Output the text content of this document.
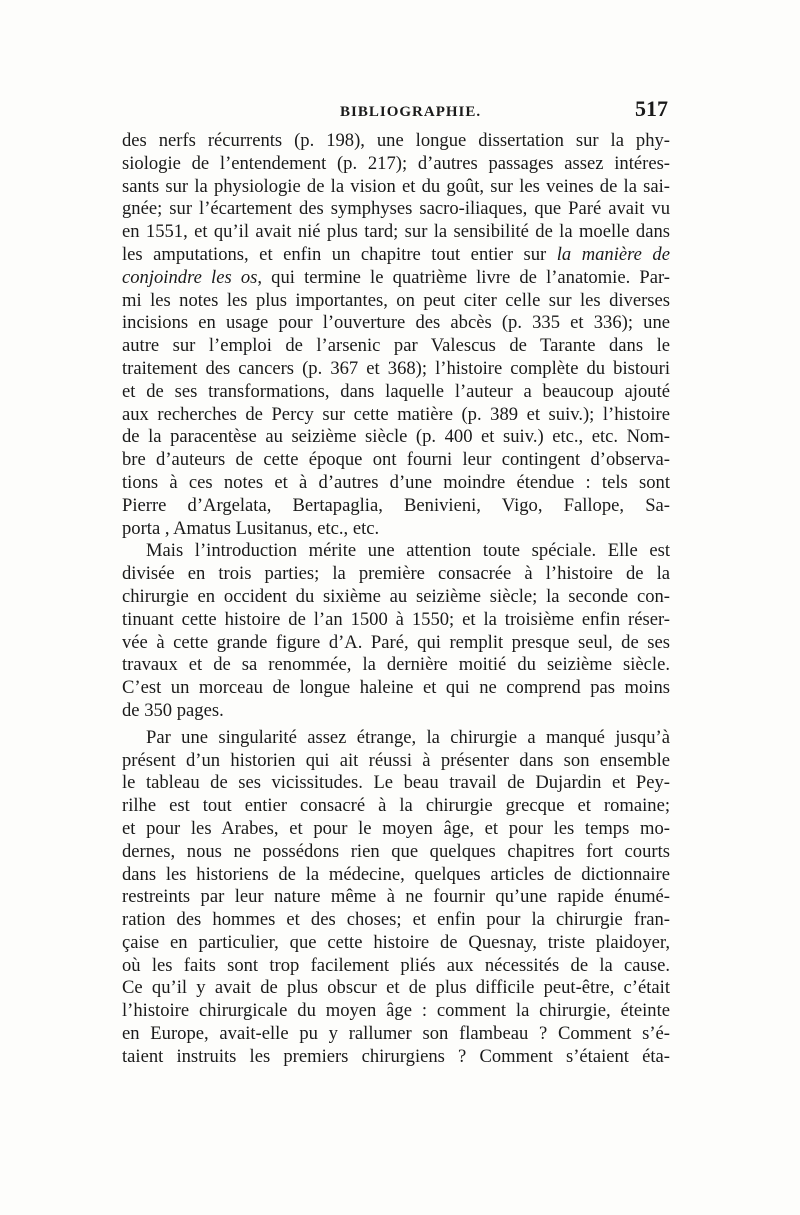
BIBLIOGRAPHIE.	517
des nerfs récurrents (p. 198), une longue dissertation sur la phy-
siologie de l’entendement (p. 217); d’autres passages assez intéres-
sants sur la physiologie de la vision et du goût, sur les veines de la sai-
gnée; sur l’écartement des symphyses sacro-iliaques, que Paré avait vu
en 1551, et qu’il avait nié plus tard; sur la sensibilité de la moelle dans
les amputations, et enfin un chapitre tout entier sur la manière de
conjoindre les os, qui termine le quatrième livre de l’anatomie. Par-
mi les notes les plus importantes, on peut citer celle sur les diverses
incisions en usage pour l’ouverture des abcès (p. 335 et 336); une
autre sur l’emploi de l’arsenic par Valescus de Tarante dans le
traitement des cancers (p. 367 et 368); l’histoire complète du bistouri
et de ses transformations, dans laquelle l’auteur a beaucoup ajouté
aux recherches de Percy sur cette matière (p. 389 et suiv.); l’histoire
de la paracentèse au seizième siècle (p. 400 et suiv.) etc., etc. Nom-
bre d’auteurs de cette époque ont fourni leur contingent d’observa-
tions à ces notes et à d’autres d’une moindre étendue : tels sont
Pierre d’Argelata, Bertapaglia, Benivieni, Vigo, Fallope, Sa-
porta , Amatus Lusitanus, etc., etc.
Mais l’introduction mérite une attention toute spéciale. Elle est
divisée en trois parties; la première consacrée à l’histoire de la
chirurgie en occident du sixième au seizième siècle; la seconde con-
tinuant cette histoire de l’an 1500 à 1550; et la troisième enfin réser-
vée à cette grande figure d’A. Paré, qui remplit presque seul, de ses
travaux et de sa renommée, la dernière moitié du seizième siècle.
C’est un morceau de longue haleine et qui ne comprend pas moins
de 350 pages.
Par une singularité assez étrange, la chirurgie a manqué jusqu’à
présent d’un historien qui ait réussi à présenter dans son ensemble
le tableau de ses vicissitudes. Le beau travail de Dujardin et Pey-
rilhe est tout entier consacré à la chirurgie grecque et romaine;
et pour les Arabes, et pour le moyen âge, et pour les temps mo-
dernes, nous ne possédons rien que quelques chapitres fort courts
dans les historiens de la médecine, quelques articles de dictionnaire
restreints par leur nature même à ne fournir qu’une rapide énumé-
ration des hommes et des choses; et enfin pour la chirurgie fran-
çaise en particulier, que cette histoire de Quesnay, triste plaidoyer,
où les faits sont trop facilement pliés aux nécessités de la cause.
Ce qu’il y avait de plus obscur et de plus difficile peut-être, c’était
l’histoire chirurgicale du moyen âge : comment la chirurgie, éteinte
en Europe, avait-elle pu y rallumer son flambeau ? Comment s’é-
taient instruits les premiers chirurgiens ? Comment s’étaient éta-
